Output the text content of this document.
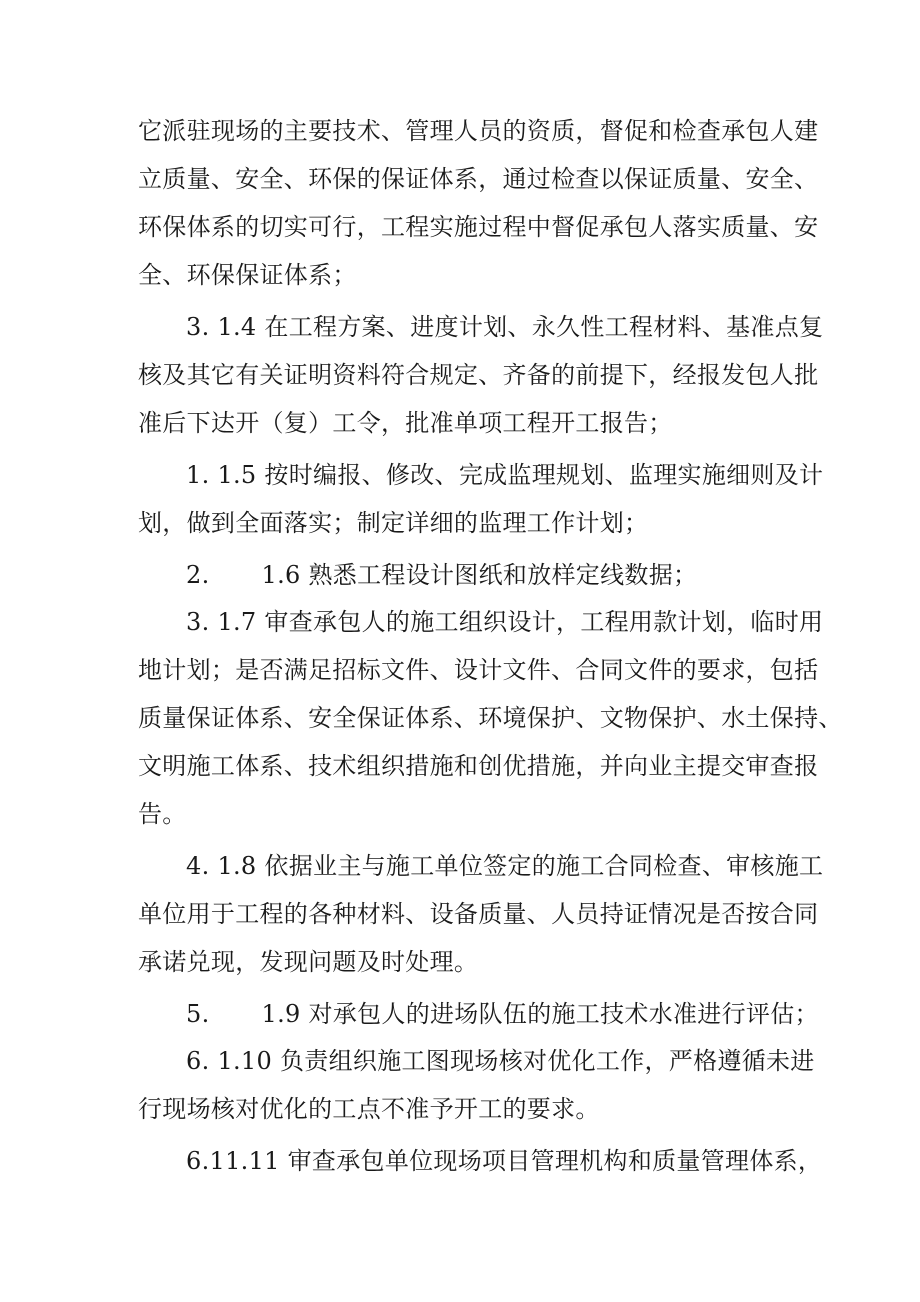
它派驻现场的主要技术、管理人员的资质，督促和检查承包人建
立质量、安全、环保的保证体系，通过检查以保证质量、安全、
环保体系的切实可行，工程实施过程中督促承包人落实质量、安
全、环保保证体系；
3. 1.4 在工程方案、进度计划、永久性工程材料、基准点复
核及其它有关证明资料符合规定、齐备的前提下，经报发包人批
准后下达开（复）工令，批准单项工程开工报告；
1. 1.5 按时编报、修改、完成监理规划、监理实施细则及计
划，做到全面落实；制定详细的监理工作计划；
2. 1.6 熟悉工程设计图纸和放样定线数据；
3. 1.7 审查承包人的施工组织设计，工程用款计划，临时用
地计划；是否满足招标文件、设计文件、合同文件的要求，包括
质量保证体系、安全保证体系、环境保护、文物保护、水土保持、
文明施工体系、技术组织措施和创优措施，并向业主提交审查报
告。
4. 1.8 依据业主与施工单位签定的施工合同检查、审核施工
单位用于工程的各种材料、设备质量、人员持证情况是否按合同
承诺兑现，发现问题及时处理。
5. 1.9 对承包人的进场队伍的施工技术水准进行评估；
6. 1.10 负责组织施工图现场核对优化工作，严格遵循未进
行现场核对优化的工点不准予开工的要求。
6.11.11 审查承包单位现场项目管理机构和质量管理体系，
